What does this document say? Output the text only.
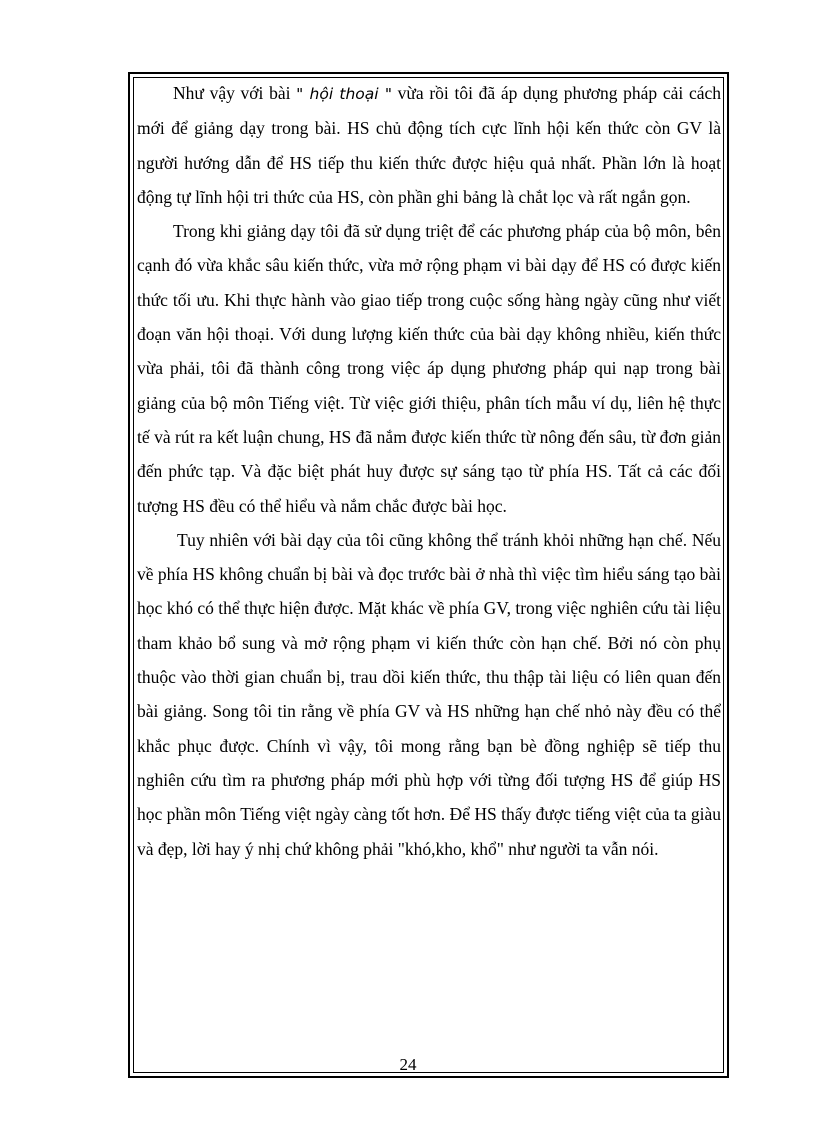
Như vậy với bài " hội thoại " vừa rồi tôi đã áp dụng phương pháp cải cách mới để giảng dạy trong bài. HS chủ động tích cực lĩnh hội kến thức còn GV là người hướng dẫn để HS tiếp thu kiến thức được hiệu quả nhất. Phần lớn là hoạt động tự lĩnh hội tri thức của HS, còn phần ghi bảng là chắt lọc và rất ngắn gọn.

Trong khi giảng dạy tôi đã sử dụng triệt để các phương pháp của bộ môn, bên cạnh đó vừa khắc sâu kiến thức, vừa mở rộng phạm vi bài dạy để HS có được kiến thức tối ưu. Khi thực hành vào giao tiếp trong cuộc sống hàng ngày cũng như viết đoạn văn hội thoại. Với dung lượng kiến thức của bài dạy không nhiều, kiến thức vừa phải, tôi đã thành công trong việc áp dụng phương pháp qui nạp trong bài giảng của bộ môn Tiếng việt. Từ việc giới thiệu, phân tích mẫu ví dụ, liên hệ thực tế và rút ra kết luận chung, HS đã nắm được kiến thức từ nông đến sâu, từ đơn giản đến phức tạp. Và đặc biệt phát huy được sự sáng tạo từ phía HS. Tất cả các đối tượng HS đều có thể hiểu và nắm chắc được bài học.

Tuy nhiên với bài dạy của tôi cũng không thể tránh khỏi những hạn chế. Nếu về phía HS không chuẩn bị bài và đọc trước bài ở nhà thì việc tìm hiểu sáng tạo bài học khó có thể thực hiện được. Mặt khác về phía GV, trong việc nghiên cứu tài liệu tham khảo bổ sung và mở rộng phạm vi kiến thức còn hạn chế. Bởi nó còn phụ thuộc vào thời gian chuẩn bị, trau dồi kiến thức, thu thập tài liệu có liên quan đến bài giảng. Song tôi tin rằng về phía GV và HS những hạn chế nhỏ này đều có thể khắc phục được. Chính vì vậy, tôi mong rằng bạn bè đồng nghiệp sẽ tiếp thu nghiên cứu tìm ra phương pháp mới phù hợp với từng đối tượng HS để giúp HS học phần môn Tiếng việt ngày càng tốt hơn. Để HS thấy được tiếng việt của ta giàu và đẹp, lời hay ý nhị chứ không phải "khó,kho, khổ" như người ta vẫn nói.

24
